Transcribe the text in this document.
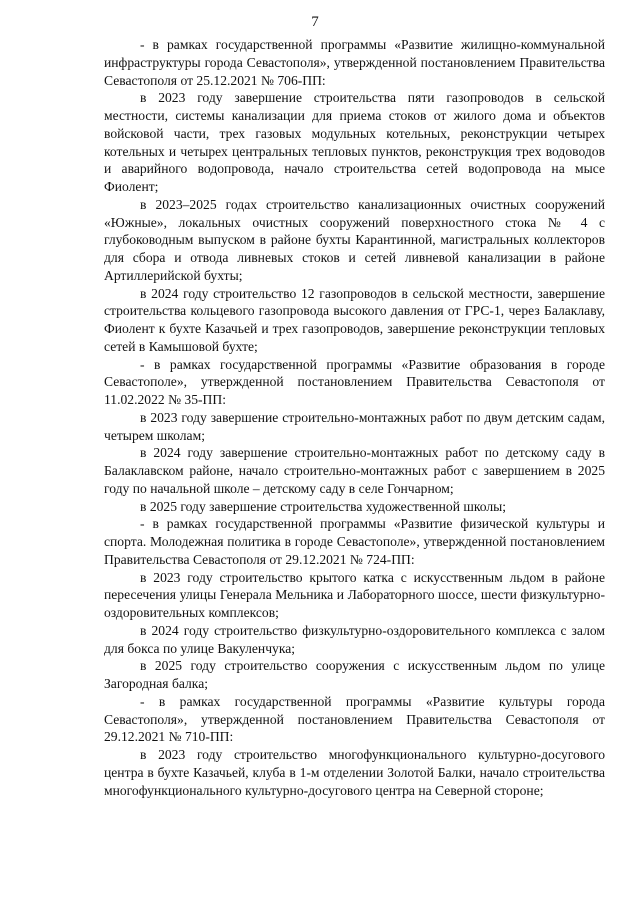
7

- в рамках государственной программы «Развитие жилищно-коммунальной инфраструктуры города Севастополя», утвержденной постановлением Правительства Севастополя от 25.12.2021 № 706-ПП:

в 2023 году завершение строительства пяти газопроводов в сельской местности, системы канализации для приема стоков от жилого дома и объектов войсковой части, трех газовых модульных котельных, реконструкции четырех котельных и четырех центральных тепловых пунктов, реконструкция трех водоводов и аварийного водопровода, начало строительства сетей водопровода на мысе Фиолент;

в 2023–2025 годах строительство канализационных очистных сооружений «Южные», локальных очистных сооружений поверхностного стока № 4 с глубоководным выпуском в районе бухты Карантинной, магистральных коллекторов для сбора и отвода ливневых стоков и сетей ливневой канализации в районе Артиллерийской бухты;

в 2024 году строительство 12 газопроводов в сельской местности, завершение строительства кольцевого газопровода высокого давления от ГРС-1, через Балаклаву, Фиолент к бухте Казачьей и трех газопроводов, завершение реконструкции тепловых сетей в Камышовой бухте;

- в рамках государственной программы «Развитие образования в городе Севастополе», утвержденной постановлением Правительства Севастополя от 11.02.2022 № 35-ПП:

в 2023 году завершение строительно-монтажных работ по двум детским садам, четырем школам;

в 2024 году завершение строительно-монтажных работ по детскому саду в Балаклавском районе, начало строительно-монтажных работ с завершением в 2025 году по начальной школе – детскому саду в селе Гончарном;

в 2025 году завершение строительства художественной школы;

- в рамках государственной программы «Развитие физической культуры и спорта. Молодежная политика в городе Севастополе», утвержденной постановлением Правительства Севастополя от 29.12.2021 № 724-ПП:

в 2023 году строительство крытого катка с искусственным льдом в районе пересечения улицы Генерала Мельника и Лабораторного шоссе, шести физкультурно-оздоровительных комплексов;

в 2024 году строительство физкультурно-оздоровительного комплекса с залом для бокса по улице Вакуленчука;

в 2025 году строительство сооружения с искусственным льдом по улице Загородная балка;

- в рамках государственной программы «Развитие культуры города Севастополя», утвержденной постановлением Правительства Севастополя от 29.12.2021 № 710-ПП:

в 2023 году строительство многофункционального культурно-досугового центра в бухте Казачьей, клуба в 1-м отделении Золотой Балки, начало строительства многофункционального культурно-досугового центра на Северной стороне;
